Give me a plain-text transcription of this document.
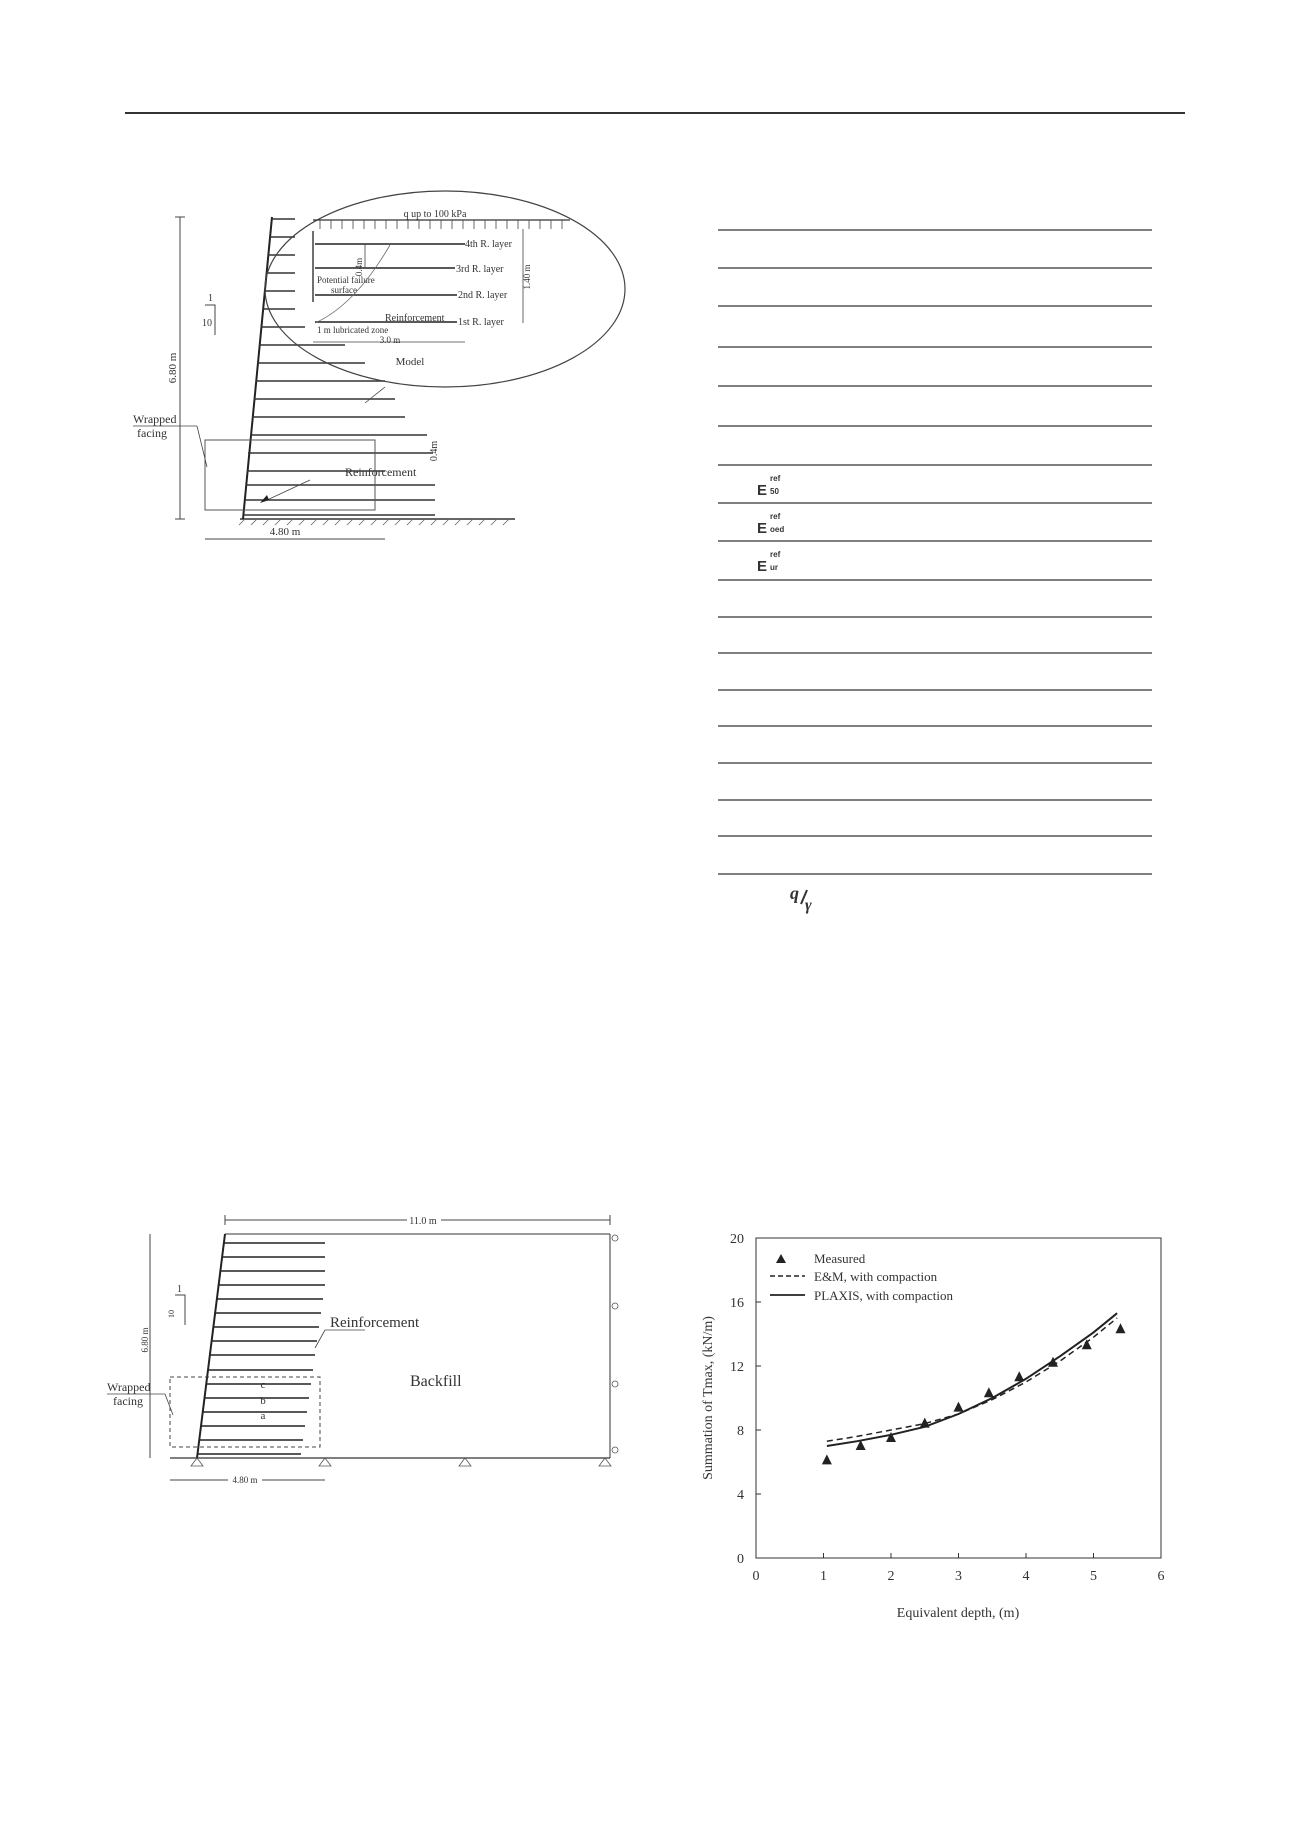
6.80 m
1
10
4.80 m
Wrapped
facing
Reinforcement
0.4m
q up to 100 kPa
4th R. layer
3rd R. layer
2nd R. layer
1st R. layer
0.4m	1.40 m
Potential failure
surface
Reinforcement
1 m lubricated zone
3.0 m
Model
E
ref
50
E
ref
oed
E
ref
ur
q
γ
11.0 m
c
b
a
6.80 m
1
10
Reinforcement
Backfill
Wrapped
facing
4.80 m
0	1	2	3	4	5	6
0
4
8
12
16
20
Equivalent depth, (m)
Summation of Tmax, (kN/m)
Measured
E&M, with compaction
PLAXIS, with compaction
